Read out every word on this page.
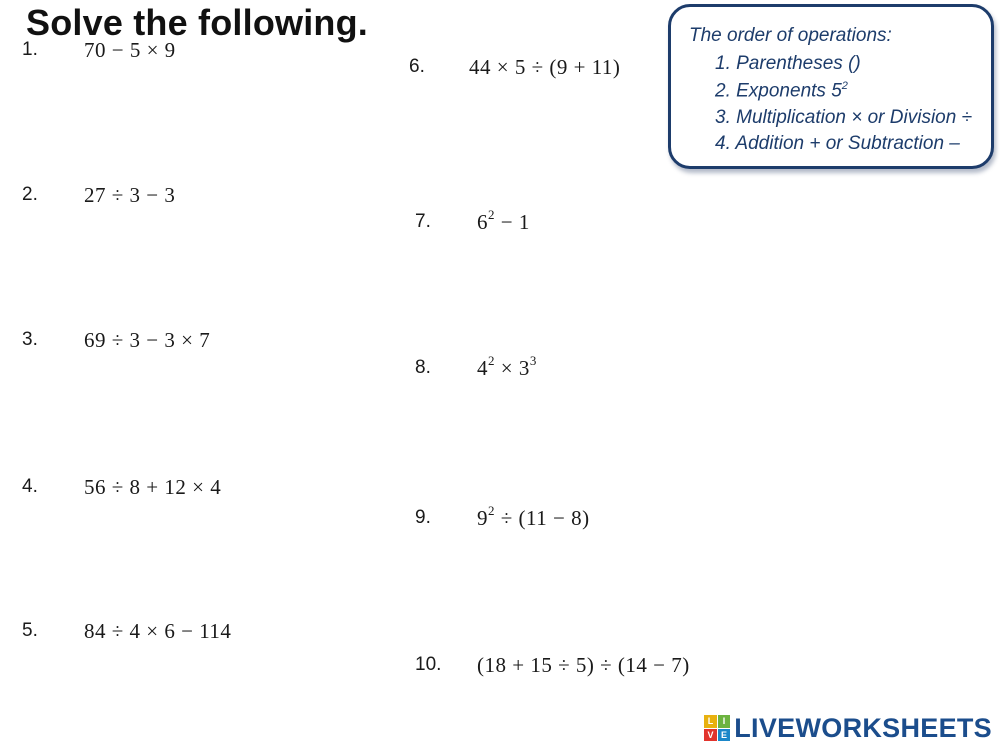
Solve the following.
1.	70 − 5 × 9
2.	27 ÷ 3 − 3
3.	69 ÷ 3 − 3 × 7
4.	56 ÷ 8 + 12 × 4
5.	84 ÷ 4 × 6 − 114
6.	44 × 5 ÷ (9 + 11)
7.	$6^2 - 1$
8.	$4^2 \times 3^3$
9.	$9^2 \div (11 - 8)$
10.	(18 + 15 ÷ 5) ÷ (14 − 7)
The order of operations:
1. Parentheses ()
2. Exponents $5^2$
3. Multiplication × or Division ÷
4. Addition + or Subtraction –
L	I
V E LIVEWORKSHEETS
